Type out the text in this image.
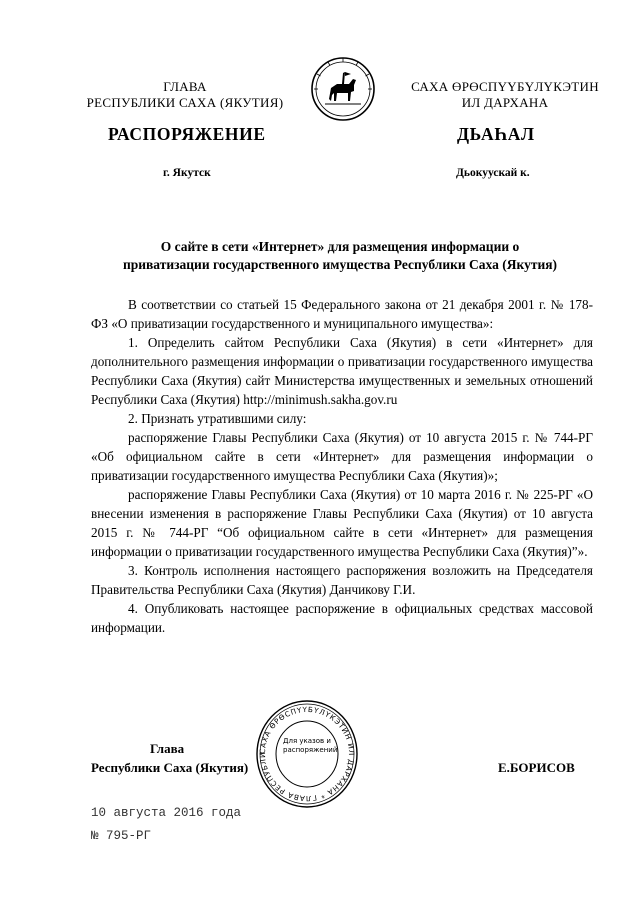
ГЛАВА
РЕСПУБЛИКИ САХА (ЯКУТИЯ)
САХА ӨРӨСПҮҮБҮЛҮКЭТИН
ИЛ ДАРХАНА
РАСПОРЯЖЕНИЕ	ДЬАҺАЛ
г. Якутск	Дьокуускай к.
О сайте в сети «Интернет» для размещения информации о
приватизации государственного имущества Республики Саха (Якутия)

В соответствии со статьей 15 Федерального закона от 21 декабря 2001 г. № 178-ФЗ «О приватизации государственного и муниципального имущества»:

1. Определить сайтом Республики Саха (Якутия) в сети «Интернет» для дополнительного размещения информации о приватизации государственного имущества Республики Саха (Якутия) сайт Министерства имущественных и земельных отношений Республики Саха (Якутия) http://minimush.sakha.gov.ru

2. Признать утратившими силу:

распоряжение Главы Республики Саха (Якутия) от 10 августа 2015 г. № 744-РГ «Об официальном сайте в сети «Интернет» для размещения информации о приватизации государственного имущества Республики Саха (Якутия)»;

распоряжение Главы Республики Саха (Якутия) от 10 марта 2016 г. № 225-РГ «О внесении изменения в распоряжение Главы Республики Саха (Якутия) от 10 августа 2015 г. № 744-РГ “Об официальном сайте в сети «Интернет» для размещения информации о приватизации государственного имущества Республики Саха (Якутия)”».

3. Контроль исполнения настоящего распоряжения возложить на Председателя Правительства Республики Саха (Якутия) Данчикову Г.И.

4. Опубликовать настоящее распоряжение в официальных средствах массовой информации.

Глава
Республики Саха (Якутия)	Е.БОРИСОВ
САХА ӨРӨСПҮҮБҮЛҮКЭТИН ИЛ ДАРХАНА * ГЛАВА РЕСПУБЛИ
Для указов и распоряжений
10 августа 2016 года
№ 795-РГ
